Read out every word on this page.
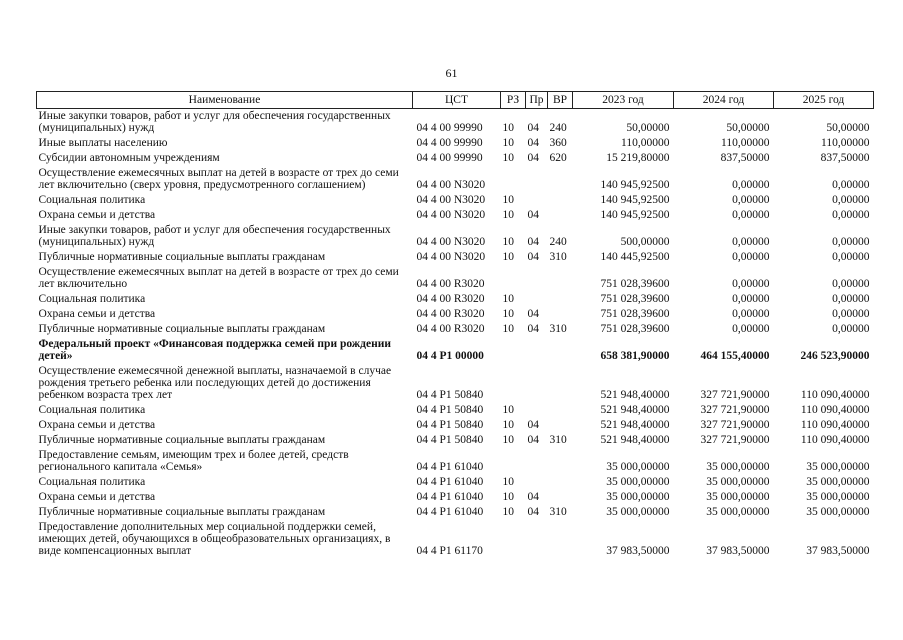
61
Наименование	ЦСТ	РЗ	Пр	ВР	2023 год	2024 год	2025 год
Иные закупки товаров, работ и услуг для обеспечения государственных (муниципальных) нужд	04 4 00 99990	10	04	240	50,00000	50,00000	50,00000
Иные выплаты населению	04 4 00 99990	10	04	360	110,00000	110,00000	110,00000
Субсидии автономным учреждениям	04 4 00 99990	10	04	620	15 219,80000	837,50000	837,50000
Осуществление ежемесячных выплат на детей в возрасте от трех до семи лет включительно (сверх уровня, предусмотренного соглашением)	04 4 00 N3020				140 945,92500	0,00000	0,00000
Социальная политика	04 4 00 N3020	10			140 945,92500	0,00000	0,00000
Охрана семьи и детства	04 4 00 N3020	10	04		140 945,92500	0,00000	0,00000
Иные закупки товаров, работ и услуг для обеспечения государственных (муниципальных) нужд	04 4 00 N3020	10	04	240	500,00000	0,00000	0,00000
Публичные нормативные социальные выплаты гражданам	04 4 00 N3020	10	04	310	140 445,92500	0,00000	0,00000
Осуществление ежемесячных выплат на детей в возрасте от трех до семи лет включительно	04 4 00 R3020				751 028,39600	0,00000	0,00000
Социальная политика	04 4 00 R3020	10			751 028,39600	0,00000	0,00000
Охрана семьи и детства	04 4 00 R3020	10	04		751 028,39600	0,00000	0,00000
Публичные нормативные социальные выплаты гражданам	04 4 00 R3020	10	04	310	751 028,39600	0,00000	0,00000
Федеральный проект «Финансовая поддержка семей при рождении детей»	04 4 P1 00000				658 381,90000	464 155,40000	246 523,90000
Осуществление ежемесячной денежной выплаты, назначаемой в случае рождения третьего ребенка или последующих детей до достижения ребенком возраста трех лет	04 4 P1 50840				521 948,40000	327 721,90000	110 090,40000
Социальная политика	04 4 P1 50840	10			521 948,40000	327 721,90000	110 090,40000
Охрана семьи и детства	04 4 P1 50840	10	04		521 948,40000	327 721,90000	110 090,40000
Публичные нормативные социальные выплаты гражданам	04 4 P1 50840	10	04	310	521 948,40000	327 721,90000	110 090,40000
Предоставление семьям, имеющим трех и более детей, средств регионального капитала «Семья»	04 4 P1 61040				35 000,00000	35 000,00000	35 000,00000
Социальная политика	04 4 P1 61040	10			35 000,00000	35 000,00000	35 000,00000
Охрана семьи и детства	04 4 P1 61040	10	04		35 000,00000	35 000,00000	35 000,00000
Публичные нормативные социальные выплаты гражданам	04 4 P1 61040	10	04	310	35 000,00000	35 000,00000	35 000,00000
Предоставление дополнительных мер социальной поддержки семей, имеющих детей, обучающихся в общеобразовательных организациях, в виде компенсационных выплат	04 4 P1 61170				37 983,50000	37 983,50000	37 983,50000
